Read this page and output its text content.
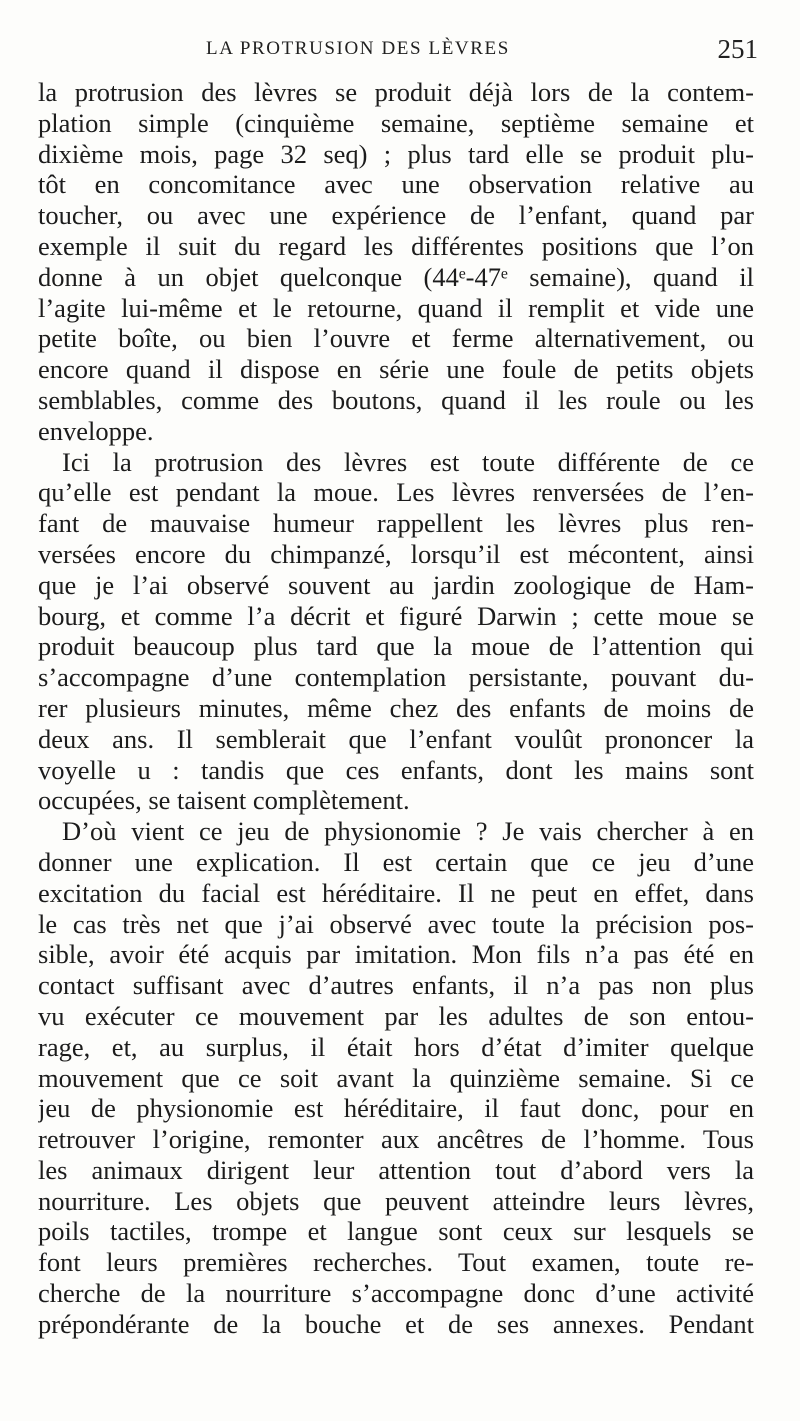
LA PROTRUSION DES LÈVRES	251
la protrusion des lèvres se produit déjà lors de la contem-
plation simple (cinquième semaine, septième semaine et
dixième mois, page 32 seq) ; plus tard elle se produit plu-
tôt en concomitance avec une observation relative au
toucher, ou avec une expérience de l’enfant, quand par
exemple il suit du regard les différentes positions que l’on
donne à un objet quelconque (44ᵉ-47ᵉ semaine), quand il
l’agite lui-même et le retourne, quand il remplit et vide une
petite boîte, ou bien l’ouvre et ferme alternativement, ou
encore quand il dispose en série une foule de petits objets
semblables, comme des boutons, quand il les roule ou les
enveloppe.
Ici la protrusion des lèvres est toute différente de ce
qu’elle est pendant la moue. Les lèvres renversées de l’en-
fant de mauvaise humeur rappellent les lèvres plus ren-
versées encore du chimpanzé, lorsqu’il est mécontent, ainsi
que je l’ai observé souvent au jardin zoologique de Ham-
bourg, et comme l’a décrit et figuré Darwin ; cette moue se
produit beaucoup plus tard que la moue de l’attention qui
s’accompagne d’une contemplation persistante, pouvant du-
rer plusieurs minutes, même chez des enfants de moins de
deux ans. Il semblerait que l’enfant voulût prononcer la
voyelle u : tandis que ces enfants, dont les mains sont
occupées, se taisent complètement.
D’où vient ce jeu de physionomie ? Je vais chercher à en
donner une explication. Il est certain que ce jeu d’une
excitation du facial est héréditaire. Il ne peut en effet, dans
le cas très net que j’ai observé avec toute la précision pos-
sible, avoir été acquis par imitation. Mon fils n’a pas été en
contact suffisant avec d’autres enfants, il n’a pas non plus
vu exécuter ce mouvement par les adultes de son entou-
rage, et, au surplus, il était hors d’état d’imiter quelque
mouvement que ce soit avant la quinzième semaine. Si ce
jeu de physionomie est héréditaire, il faut donc, pour en
retrouver l’origine, remonter aux ancêtres de l’homme. Tous
les animaux dirigent leur attention tout d’abord vers la
nourriture. Les objets que peuvent atteindre leurs lèvres,
poils tactiles, trompe et langue sont ceux sur lesquels se
font leurs premières recherches. Tout examen, toute re-
cherche de la nourriture s’accompagne donc d’une activité
prépondérante de la bouche et de ses annexes. Pendant
